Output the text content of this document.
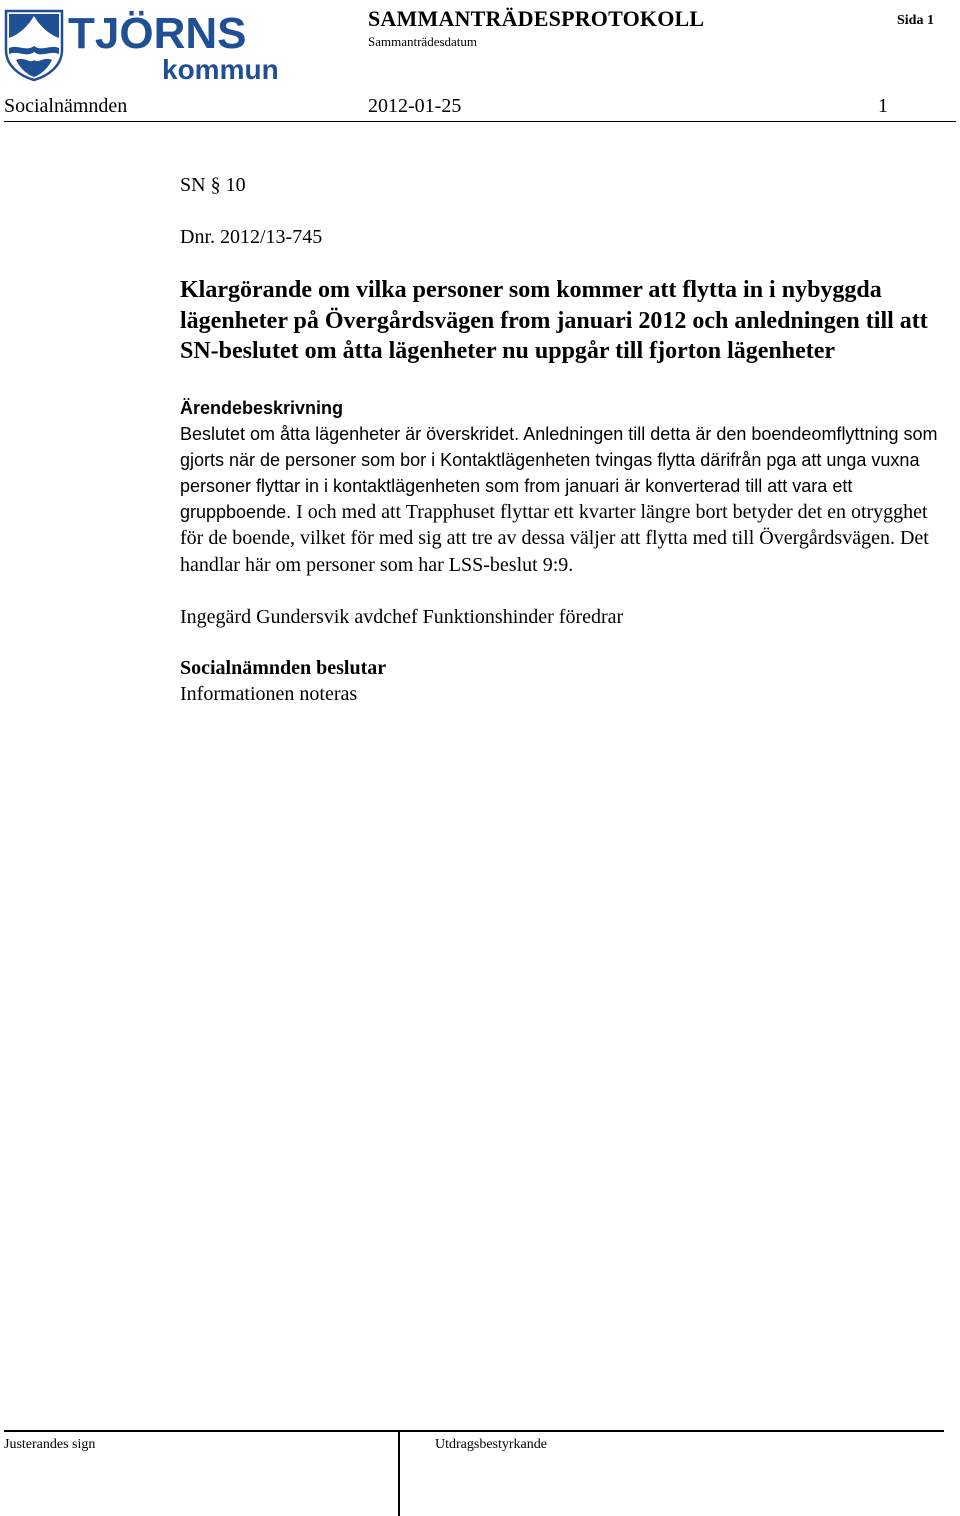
TJÖRNS
kommun
SAMMANTRÄDESPROTOKOLL
Sammanträdesdatum
Sida 1
Socialnämnden	2012-01-25	1

SN § 10

Dnr. 2012/13-745

Klargörande om vilka personer som kommer att flytta in i nybyggda lägenheter på Övergårdsvägen from januari 2012 och anledningen till att SN-beslutet om åtta lägenheter nu uppgår till fjorton lägenheter
Ärendebeskrivning

Beslutet om åtta lägenheter är överskridet. Anledningen till detta är den boendeomflyttning som gjorts när de personer som bor i Kontaktlägenheten tvingas flytta därifrån pga att unga vuxna personer flyttar in i kontaktlägenheten som from januari är konverterad till att vara ett gruppboende. I och med att Trapphuset flyttar ett kvarter längre bort betyder det en otrygghet för de boende, vilket för med sig att tre av dessa väljer att flytta med till Övergårdsvägen. Det handlar här om personer som har LSS-beslut 9:9.

Ingegärd Gundersvik avdchef Funktionshinder föredrar

Socialnämnden beslutar

Informationen noteras

Justerandes sign	Utdragsbestyrkande
